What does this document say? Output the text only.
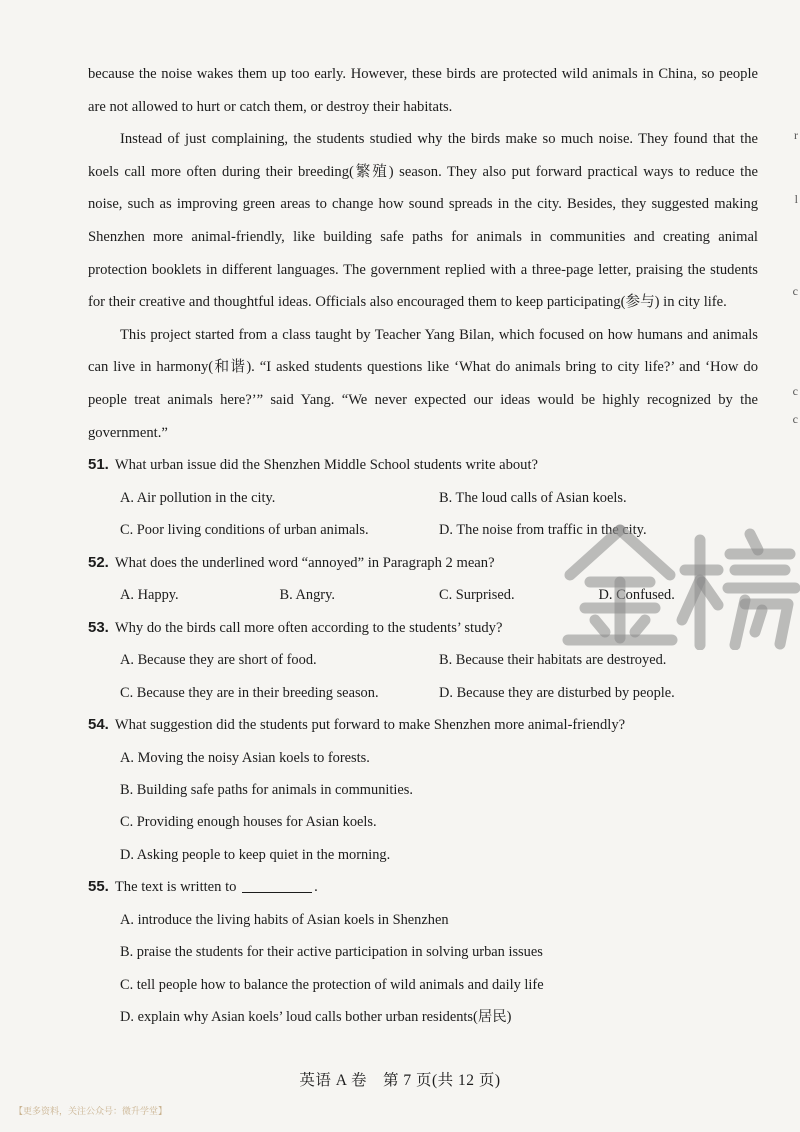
because the noise wakes them up too early. However, these birds are protected wild animals in China, so people are not allowed to hurt or catch them, or destroy their habitats.

Instead of just complaining, the students studied why the birds make so much noise. They found that the koels call more often during their breeding(繁殖) season. They also put forward practical ways to reduce the noise, such as improving green areas to change how sound spreads in the city. Besides, they suggested making Shenzhen more animal-friendly, like building safe paths for animals in communities and creating animal protection booklets in different languages. The government replied with a three-page letter, praising the students for their creative and thoughtful ideas. Officials also encouraged them to keep participating(参与) in city life.

This project started from a class taught by Teacher Yang Bilan, which focused on how humans and animals can live in harmony(和谐). “I asked students questions like ‘What do animals bring to city life?’ and ‘How do people treat animals here?’” said Yang. “We never expected our ideas would be highly recognized by the government.”

51. What urban issue did the Shenzhen Middle School students write about?

A. Air pollution in the city.	B. The loud calls of Asian koels.
C. Poor living conditions of urban animals.	D. The noise from traffic in the city.

52. What does the underlined word “annoyed” in Paragraph 2 mean?

A. Happy.	B. Angry.	C. Surprised.	D. Confused.

53. Why do the birds call more often according to the students’ study?

A. Because they are short of food.	B. Because their habitats are destroyed.
C. Because they are in their breeding season.	D. Because they are disturbed by people.

54. What suggestion did the students put forward to make Shenzhen more animal-friendly?

A. Moving the noisy Asian koels to forests.
B. Building safe paths for animals in communities.
C. Providing enough houses for Asian koels.
D. Asking people to keep quiet in the morning.

55. The text is written to	.

A. introduce the living habits of Asian koels in Shenzhen
B. praise the students for their active participation in solving urban issues
C. tell people how to balance the protection of wild animals and daily life
D. explain why Asian koels’ loud calls bother urban residents(居民)
r
l
c
c
c
英语 A 卷　第 7 页(共 12 页)
【更多资料，关注公众号：微升学堂】
